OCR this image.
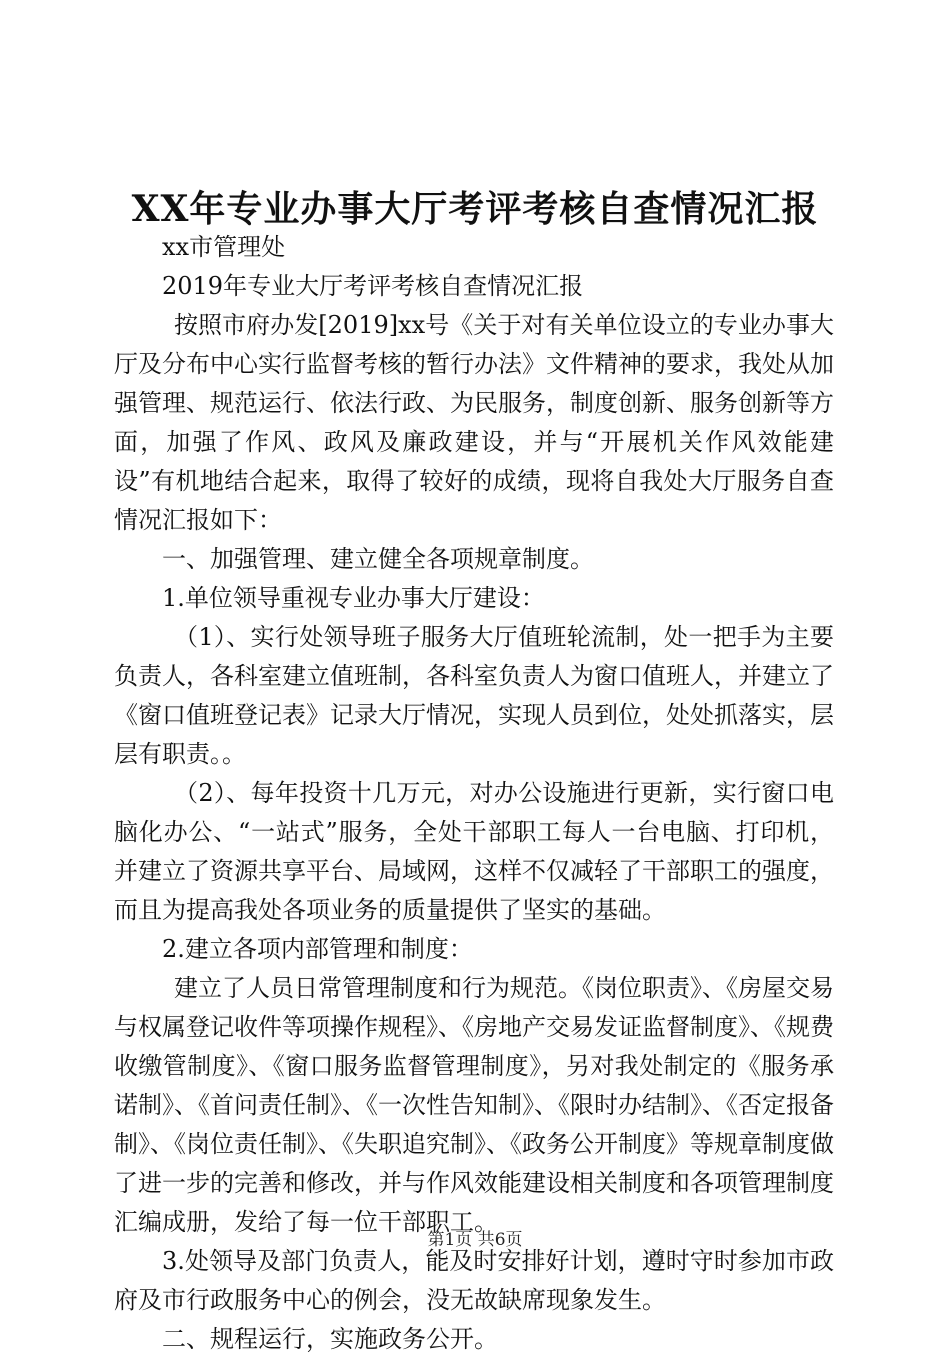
XX年专业办事大厅考评考核自查情况汇报

xx市管理处

2019年专业大厅考评考核自查情况汇报

按照市府办发[2019]xx号《关于对有关单位设立的专业办事大厅及分布中心实行监督考核的暂行办法》文件精神的要求，我处从加强管理、规范运行、依法行政、为民服务，制度创新、服务创新等方面，加强了作风、政风及廉政建设，并与“开展机关作风效能建设”有机地结合起来，取得了较好的成绩，现将自我处大厅服务自查情况汇报如下：

一、加强管理、建立健全各项规章制度。

1.单位领导重视专业办事大厅建设：

（1）、实行处领导班子服务大厅值班轮流制，处一把手为主要负责人，各科室建立值班制，各科室负责人为窗口值班人，并建立了《窗口值班登记表》记录大厅情况，实现人员到位，处处抓落实，层层有职责。。

（2）、每年投资十几万元，对办公设施进行更新，实行窗口电脑化办公、“一站式”服务，全处干部职工每人一台电脑、打印机，并建立了资源共享平台、局域网，这样不仅减轻了干部职工的强度，而且为提高我处各项业务的质量提供了坚实的基础。

2.建立各项内部管理和制度：

建立了人员日常管理制度和行为规范。《岗位职责》、《房屋交易与权属登记收件等项操作规程》、《房地产交易发证监督制度》、《规费收缴管制度》、《窗口服务监督管理制度》，另对我处制定的《服务承诺制》、《首问责任制》、《一次性告知制》、《限时办结制》、《否定报备制》、《岗位责任制》、《失职追究制》、《政务公开制度》等规章制度做了进一步的完善和修改，并与作风效能建设相关制度和各项管理制度汇编成册，发给了每一位干部职工。

3.处领导及部门负责人，能及时安排好计划，遵时守时参加市政府及市行政服务中心的例会，没无故缺席现象发生。

二、规程运行，实施政务公开。

第1页 共6页
